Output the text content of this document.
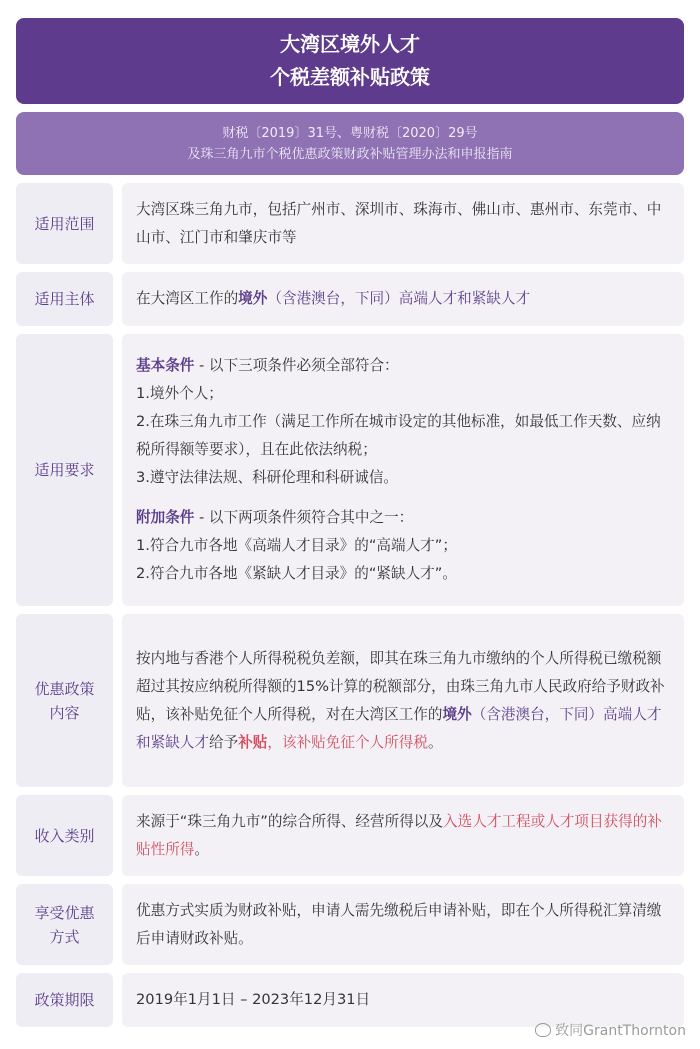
大湾区境外人才
个税差额补贴政策
财税〔2019〕31号、粤财税〔2020〕29号
及珠三角九市个税优惠政策财政补贴管理办法和申报指南
适用范围

大湾区珠三角九市，包括广州市、深圳市、珠海市、佛山市、惠州市、东莞市、中山市、江门市和肇庆市等

适用主体	在大湾区工作的境外（含港澳台，下同）高端人才和紧缺人才

适用要求

基本条件 - 以下三项条件必须全部符合：

1.境外个人；

2.在珠三角九市工作（满足工作所在城市设定的其他标准，如最低工作天数、应纳税所得额等要求），且在此依法纳税；

3.遵守法律法规、科研伦理和科研诚信。

附加条件 - 以下两项条件须符合其中之一：

1.符合九市各地《高端人才目录》的“高端人才”；

2.符合九市各地《紧缺人才目录》的“紧缺人才”。

优惠政策
内容

按内地与香港个人所得税税负差额，即其在珠三角九市缴纳的个人所得税已缴税额超过其按应纳税所得额的15%计算的税额部分，由珠三角九市人民政府给予财政补贴，该补贴免征个人所得税，对在大湾区工作的境外（含港澳台，下同）高端人才和紧缺人才给予补贴，该补贴免征个人所得税。

收入类别

来源于“珠三角九市”的综合所得、经营所得以及入选人才工程或人才项目获得的补贴性所得。

享受优惠
方式

优惠方式实质为财政补贴，申请人需先缴税后申请补贴，即在个人所得税汇算清缴后申请财政补贴。

政策期限	2019年1月1日 – 2023年12月31日

致同GrantThornton
